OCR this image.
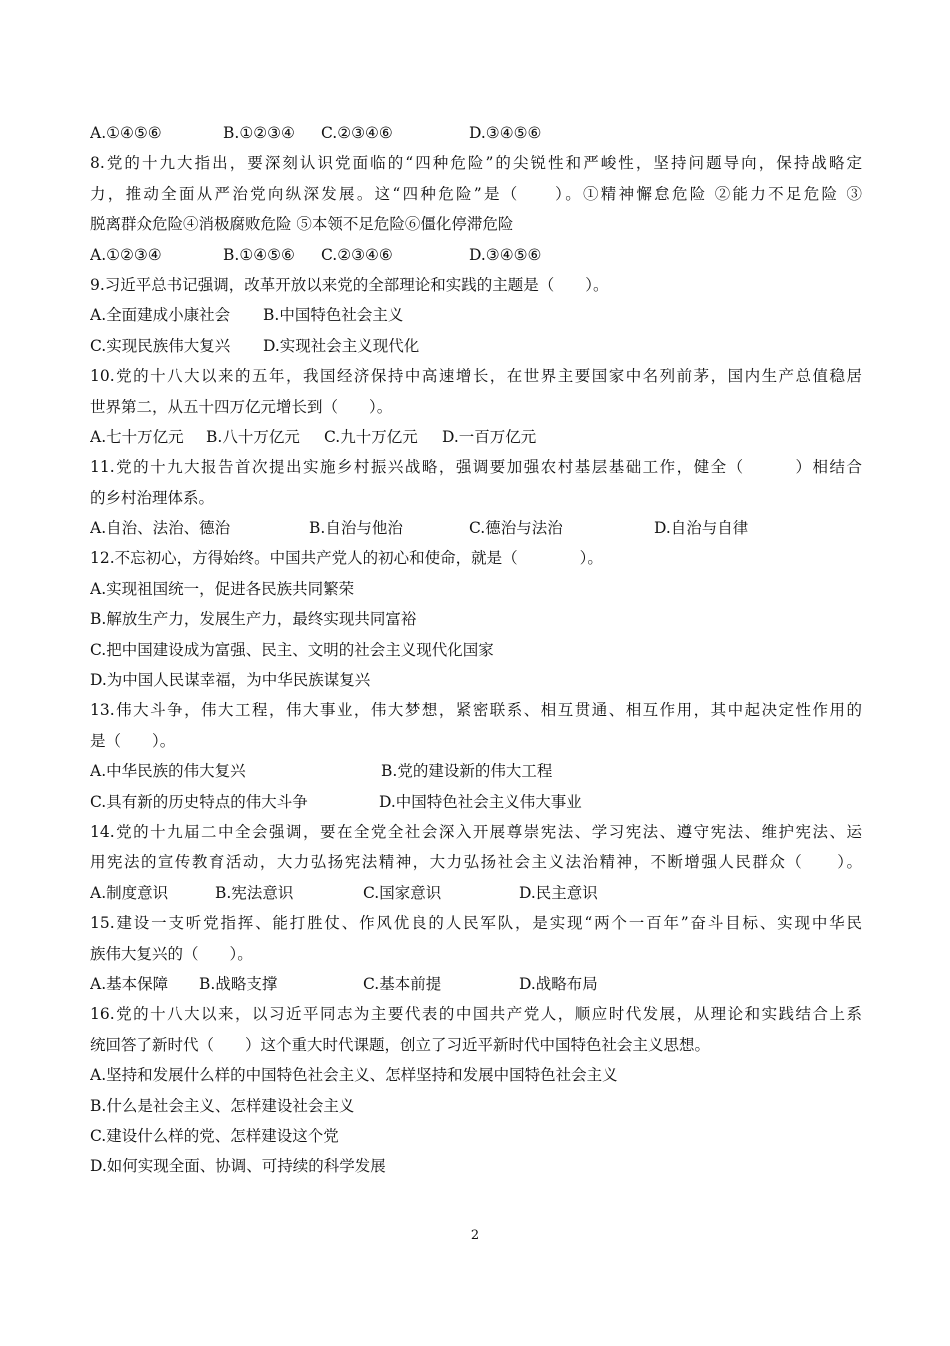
A.①④⑤⑥	B.①②③④	C.②③④⑥	D.③④⑤⑥
8.党的十九大指出，要深刻认识党面临的“四种危险”的尖锐性和严峻性，坚持问题导向，保持战略定
力，推动全面从严治党向纵深发展。这“四种危险”是（　　）。①精神懈怠危险 ②能力不足危险 ③
脱离群众危险④消极腐败危险 ⑤本领不足危险⑥僵化停滞危险
A.①②③④	B.①④⑤⑥	C.②③④⑥	D.③④⑤⑥
9.习近平总书记强调，改革开放以来党的全部理论和实践的主题是（　　）。
A.全面建成小康社会	B.中国特色社会主义
C.实现民族伟大复兴	D.实现社会主义现代化
10.党的十八大以来的五年，我国经济保持中高速增长，在世界主要国家中名列前茅，国内生产总值稳居
世界第二，从五十四万亿元增长到（　　）。
A.七十万亿元	B.八十万亿元	C.九十万亿元	D.一百万亿元
11.党的十九大报告首次提出实施乡村振兴战略，强调要加强农村基层基础工作，健全（　　　）相结合
的乡村治理体系。
A.自治、法治、德治	B.自治与他治	C.德治与法治	D.自治与自律
12.不忘初心，方得始终。中国共产党人的初心和使命，就是（　　　　）。
A.实现祖国统一，促进各民族共同繁荣
B.解放生产力，发展生产力，最终实现共同富裕
C.把中国建设成为富强、民主、文明的社会主义现代化国家
D.为中国人民谋幸福，为中华民族谋复兴
13.伟大斗争，伟大工程，伟大事业，伟大梦想，紧密联系、相互贯通、相互作用，其中起决定性作用的
是（　　）。
A.中华民族的伟大复兴	B.党的建设新的伟大工程
C.具有新的历史特点的伟大斗争	D.中国特色社会主义伟大事业
14.党的十九届二中全会强调，要在全党全社会深入开展尊崇宪法、学习宪法、遵守宪法、维护宪法、运
用宪法的宣传教育活动，大力弘扬宪法精神，大力弘扬社会主义法治精神，不断增强人民群众（　　）。
A.制度意识	B.宪法意识	C.国家意识	D.民主意识
15.建设一支听党指挥、能打胜仗、作风优良的人民军队，是实现“两个一百年”奋斗目标、实现中华民
族伟大复兴的（　　）。
A.基本保障	B.战略支撑	C.基本前提	D.战略布局
16.党的十八大以来，以习近平同志为主要代表的中国共产党人，顺应时代发展，从理论和实践结合上系
统回答了新时代（　　）这个重大时代课题，创立了习近平新时代中国特色社会主义思想。
A.坚持和发展什么样的中国特色社会主义、怎样坚持和发展中国特色社会主义
B.什么是社会主义、怎样建设社会主义
C.建设什么样的党、怎样建设这个党
D.如何实现全面、协调、可持续的科学发展
2
